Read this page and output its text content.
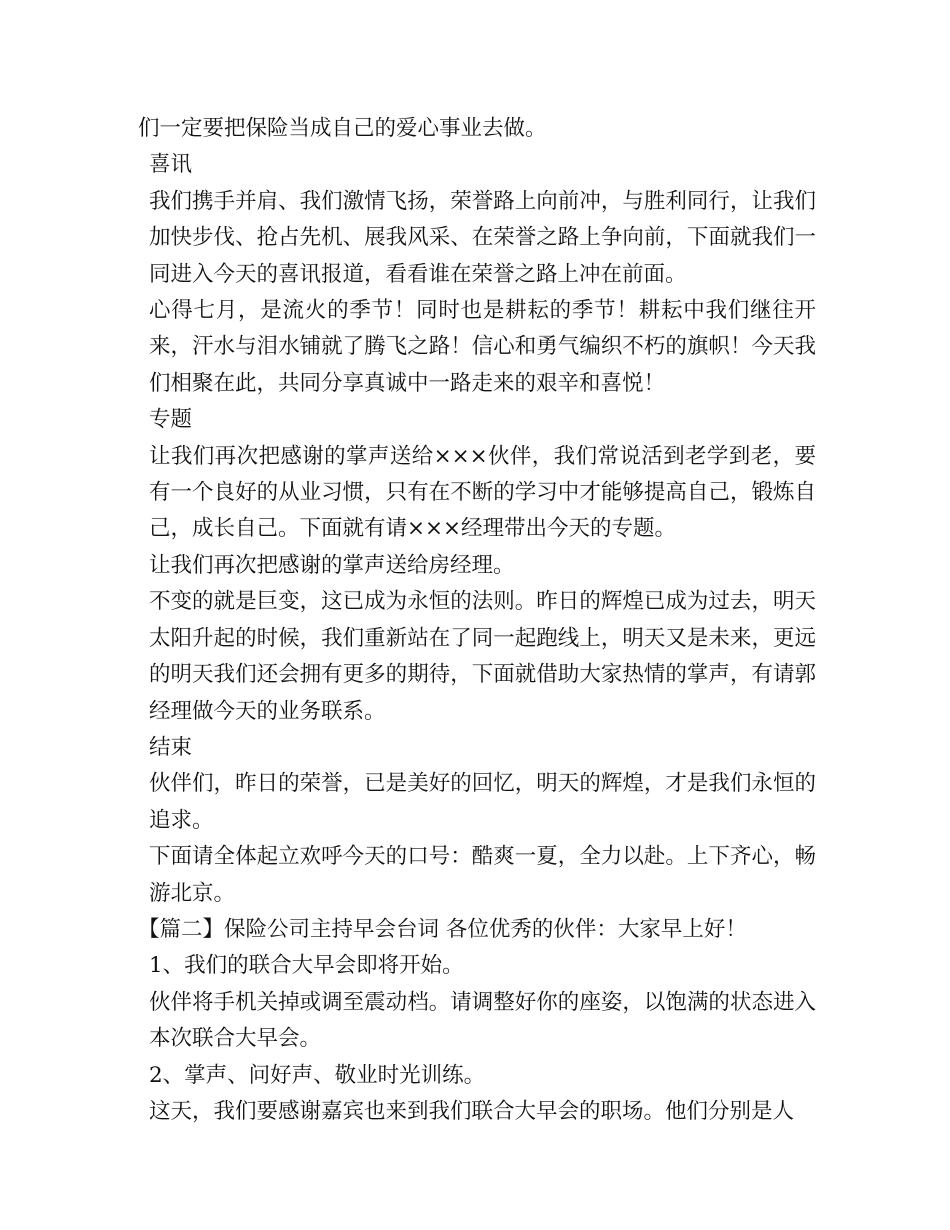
们一定要把保险当成自己的爱心事业去做。

喜讯

我们携手并肩、我们激情飞扬，荣誉路上向前冲，与胜利同行，让我们加快步伐、抢占先机、展我风采、在荣誉之路上争向前，下面就我们一同进入今天的喜讯报道，看看谁在荣誉之路上冲在前面。

心得七月，是流火的季节！同时也是耕耘的季节！耕耘中我们继往开来，汗水与泪水铺就了腾飞之路！信心和勇气编织不朽的旗帜！今天我们相聚在此，共同分享真诚中一路走来的艰辛和喜悦！

专题

让我们再次把感谢的掌声送给×××伙伴，我们常说活到老学到老，要有一个良好的从业习惯，只有在不断的学习中才能够提高自己，锻炼自己，成长自己。下面就有请×××经理带出今天的专题。

让我们再次把感谢的掌声送给房经理。

不变的就是巨变，这已成为永恒的法则。昨日的辉煌已成为过去，明天太阳升起的时候，我们重新站在了同一起跑线上，明天又是未来，更远的明天我们还会拥有更多的期待，下面就借助大家热情的掌声，有请郭经理做今天的业务联系。

结束

伙伴们，昨日的荣誉，已是美好的回忆，明天的辉煌，才是我们永恒的追求。

下面请全体起立欢呼今天的口号：酷爽一夏，全力以赴。上下齐心，畅游北京。

【篇二】保险公司主持早会台词 各位优秀的伙伴：大家早上好！

1、我们的联合大早会即将开始。

伙伴将手机关掉或调至震动档。请调整好你的座姿，以饱满的状态进入本次联合大早会。

2、掌声、问好声、敬业时光训练。

这天，我们要感谢嘉宾也来到我们联合大早会的职场。他们分别是人
